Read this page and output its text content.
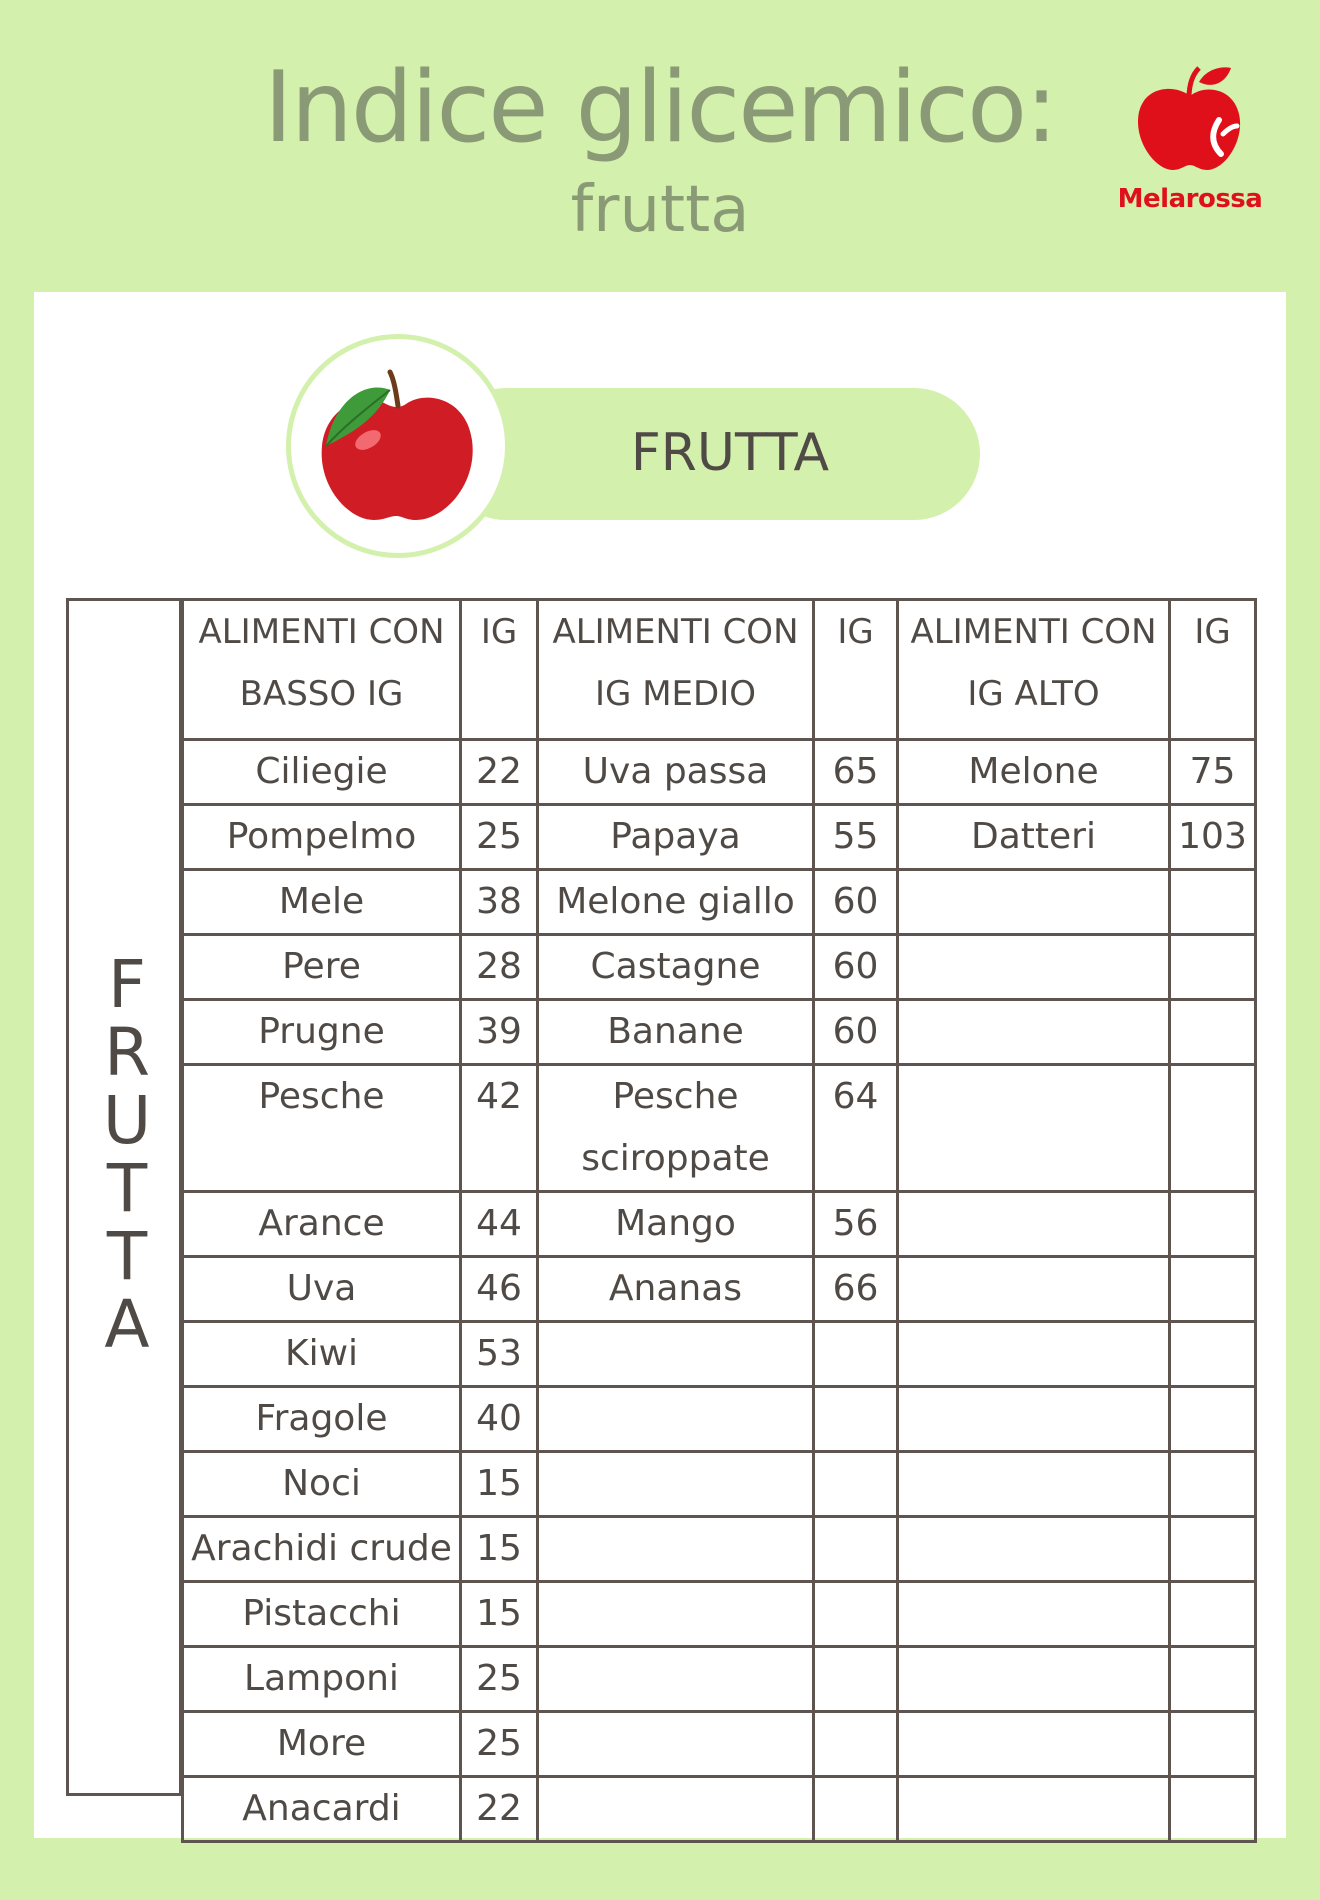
Indice glicemico:
frutta	Melarossa
FRUTTA
F
R
U
T
T
A
ALIMENTI CON BASSO IG	IG	ALIMENTI CON IG MEDIO	IG	ALIMENTI CON IG ALTO	IG
Ciliegie	22	Uva passa	65	Melone	75
Pompelmo	25	Papaya	55	Datteri	103
Mele	38	Melone giallo	60		
Pere	28	Castagne	60		
Prugne	39	Banane	60		
Pesche	42	Pesche sciroppate	64		
Arance	44	Mango	56		
Uva	46	Ananas	66		
Kiwi	53				
Fragole	40				
Noci	15				
Arachidi crude	15				
Pistacchi	15				
Lamponi	25				
More	25				
Anacardi	22				
